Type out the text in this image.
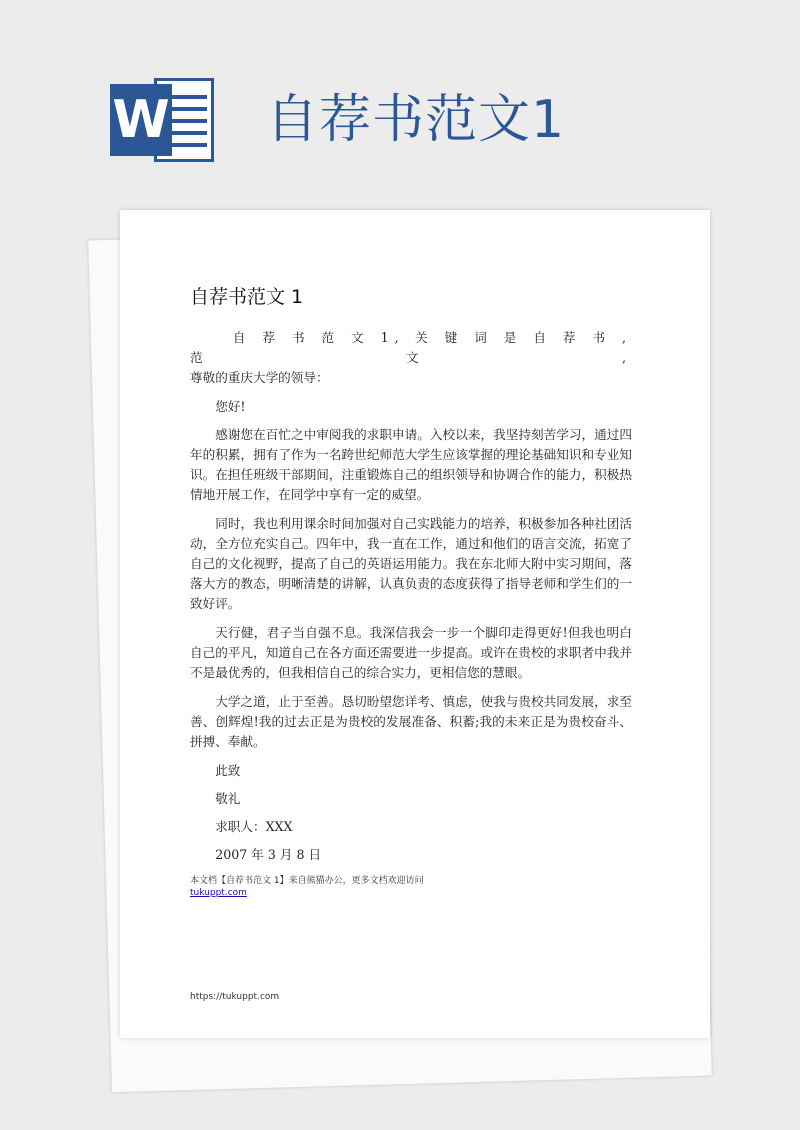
W 自荐书范文1
自荐书范文 1

自 荐 书 范 文 1, 关 键 词 是 自 荐 书 , 范 文 ,

尊敬的重庆大学的领导：

您好!

感谢您在百忙之中审阅我的求职申请。入校以来，我坚持刻苦学习，通过四年的积累，拥有了作为一名跨世纪师范大学生应该掌握的理论基础知识和专业知识。在担任班级干部期间，注重锻炼自己的组织领导和协调合作的能力，积极热情地开展工作，在同学中享有一定的威望。

同时，我也利用课余时间加强对自己实践能力的培养，积极参加各种社团活动，全方位充实自己。四年中，我一直在工作，通过和他们的语言交流，拓宽了自己的文化视野，提高了自己的英语运用能力。我在东北师大附中实习期间，落落大方的教态，明晰清楚的讲解，认真负责的态度获得了指导老师和学生们的一致好评。

天行健，君子当自强不息。我深信我会一步一个脚印走得更好!但我也明白自己的平凡，知道自己在各方面还需要进一步提高。或许在贵校的求职者中我并不是最优秀的，但我相信自己的综合实力，更相信您的慧眼。

大学之道，止于至善。恳切盼望您详考、慎虑，使我与贵校共同发展，求至善、创辉煌!我的过去正是为贵校的发展准备、积蓄;我的未来正是为贵校奋斗、拼搏、奉献。

此致

敬礼

求职人：XXX

2007 年 3 月 8 日

本文档【自荐书范文 1】来自熊猫办公，更多文档欢迎访问
tukuppt.com
https://tukuppt.com
